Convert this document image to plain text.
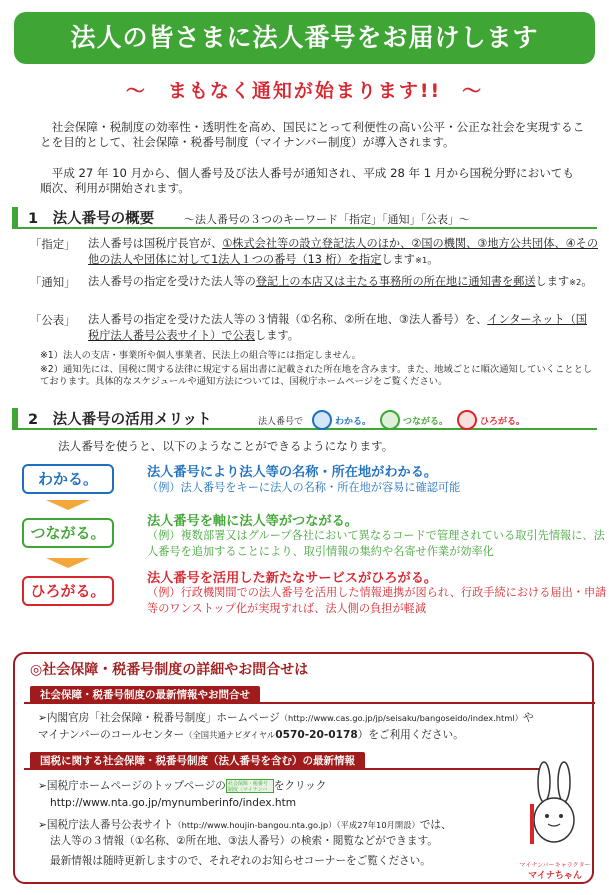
法人の皆さまに法人番号をお届けします
～　まもなく通知が始まります!!　～
社会保障・税制度の効率性・透明性を高め、国民にとって利便性の高い公平・公正な社会を実現することを目的として、社会保障・税番号制度（マイナンバー制度）が導入されます。
平成 27 年 10 月から、個人番号及び法人番号が通知され、平成 28 年 1 月から国税分野においても順次、利用が開始されます。
1　法人番号の概要	～法人番号の３つのキーワード「指定」「通知」「公表」～
「指定」 法人番号は国税庁長官が、①株式会社等の設立登記法人のほか、②国の機関、③地方公共団体、④その他の法人や団体に対して1法人１つの番号（13 桁）を指定します※1。
「通知」 法人番号の指定を受けた法人等の登記上の本店又は主たる事務所の所在地に通知書を郵送します※2。
「公表」 法人番号の指定を受けた法人等の３情報（①名称、②所在地、③法人番号）を、インターネット（国税庁法人番号公表サイト）で公表します。
※1）法人の支店・事業所や個人事業者、民法上の組合等には指定しません。
※2）通知先には、国税に関する法律に規定する届出書に記載された所在地を含みます。また、地域ごとに順次通知していくこととしております。具体的なスケジュールや通知方法については、国税庁ホームページをご覧ください。
2　法人番号の活用メリット	法人番号で	わかる。	つながる。	ひろがる。
法人番号を使うと、以下のようなことができるようになります。
わかる。
つながる。
ひろがる。
法人番号により法人等の名称・所在地がわかる。
（例）法人番号をキーに法人の名称・所在地が容易に確認可能
法人番号を軸に法人等がつながる。
（例）複数部署又はグループ各社において異なるコードで管理されている取引先情報に、法人番号を追加することにより、取引情報の集約や名寄せ作業が効率化
法人番号を活用した新たなサービスがひろがる。
（例）行政機関間での法人番号を活用した情報連携が図られ、行政手続における届出・申請等のワンストップ化が実現すれば、法人側の負担が軽減
◎社会保障・税番号制度の詳細やお問合せは
社会保障・税番号制度の最新情報やお問合せ
➢内閣官房「社会保障・税番号制度」ホームページ（http://www.cas.go.jp/jp/seisaku/bangoseido/index.html）や
マイナンバーのコールセンター（全国共通ナビダイヤル0570-20-0178）をご利用ください。
国税に関する社会保障・税番号制度（法人番号を含む）の最新情報
➢国税庁ホームページのトップページの 社会保障・税番号制度〈マイナンバ をクリック
http://www.nta.go.jp/mynumberinfo/index.htm
➢国税庁法人番号公表サイト（http://www.houjin-bangou.nta.go.jp）（平成27年10月開設）では、
法人等の３情報（①名称、②所在地、③法人番号）の検索・閲覧などができます。
最新情報は随時更新しますので、それぞれのお知らせコーナーをご覧ください。	マイナンバーキャラクター
マイナちゃん
